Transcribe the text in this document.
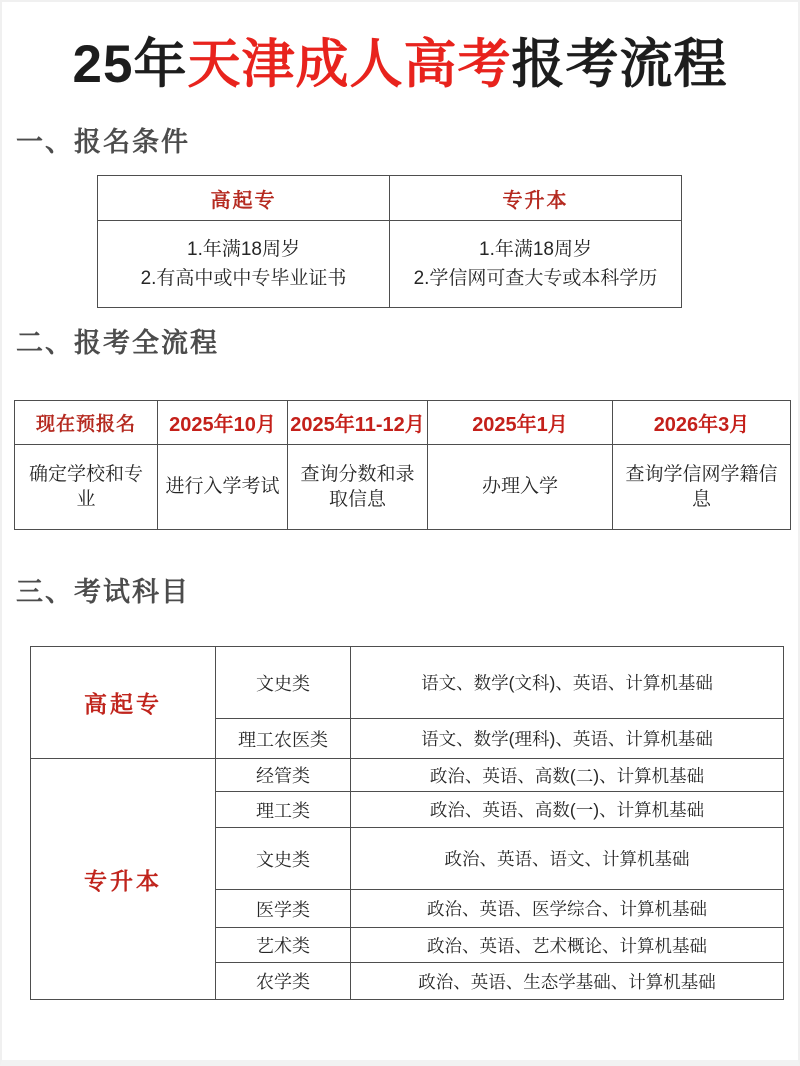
25年天津成人高考报考流程
一、报名条件
高起专	专升本

1.年满18周岁
2.有高中或中专毕业证书

1.年满18周岁
2.学信网可查大专或本科学历
二、报考全流程
现在预报名	2025年10月	2025年11-12月	2025年1月	2026年3月
确定学校和专业	进行入学考试	查询分数和录取信息	办理入学	查询学信网学籍信息
三、考试科目
高起专	文史类	语文、数学(文科)、英语、计算机基础
	理工农医类	语文、数学(理科)、英语、计算机基础
专升本	经管类	政治、英语、高数(二)、计算机基础
	理工类	政治、英语、高数(一)、计算机基础
	文史类	政治、英语、语文、计算机基础
	医学类	政治、英语、医学综合、计算机基础
	艺术类	政治、英语、艺术概论、计算机基础
	农学类	政治、英语、生态学基础、计算机基础
